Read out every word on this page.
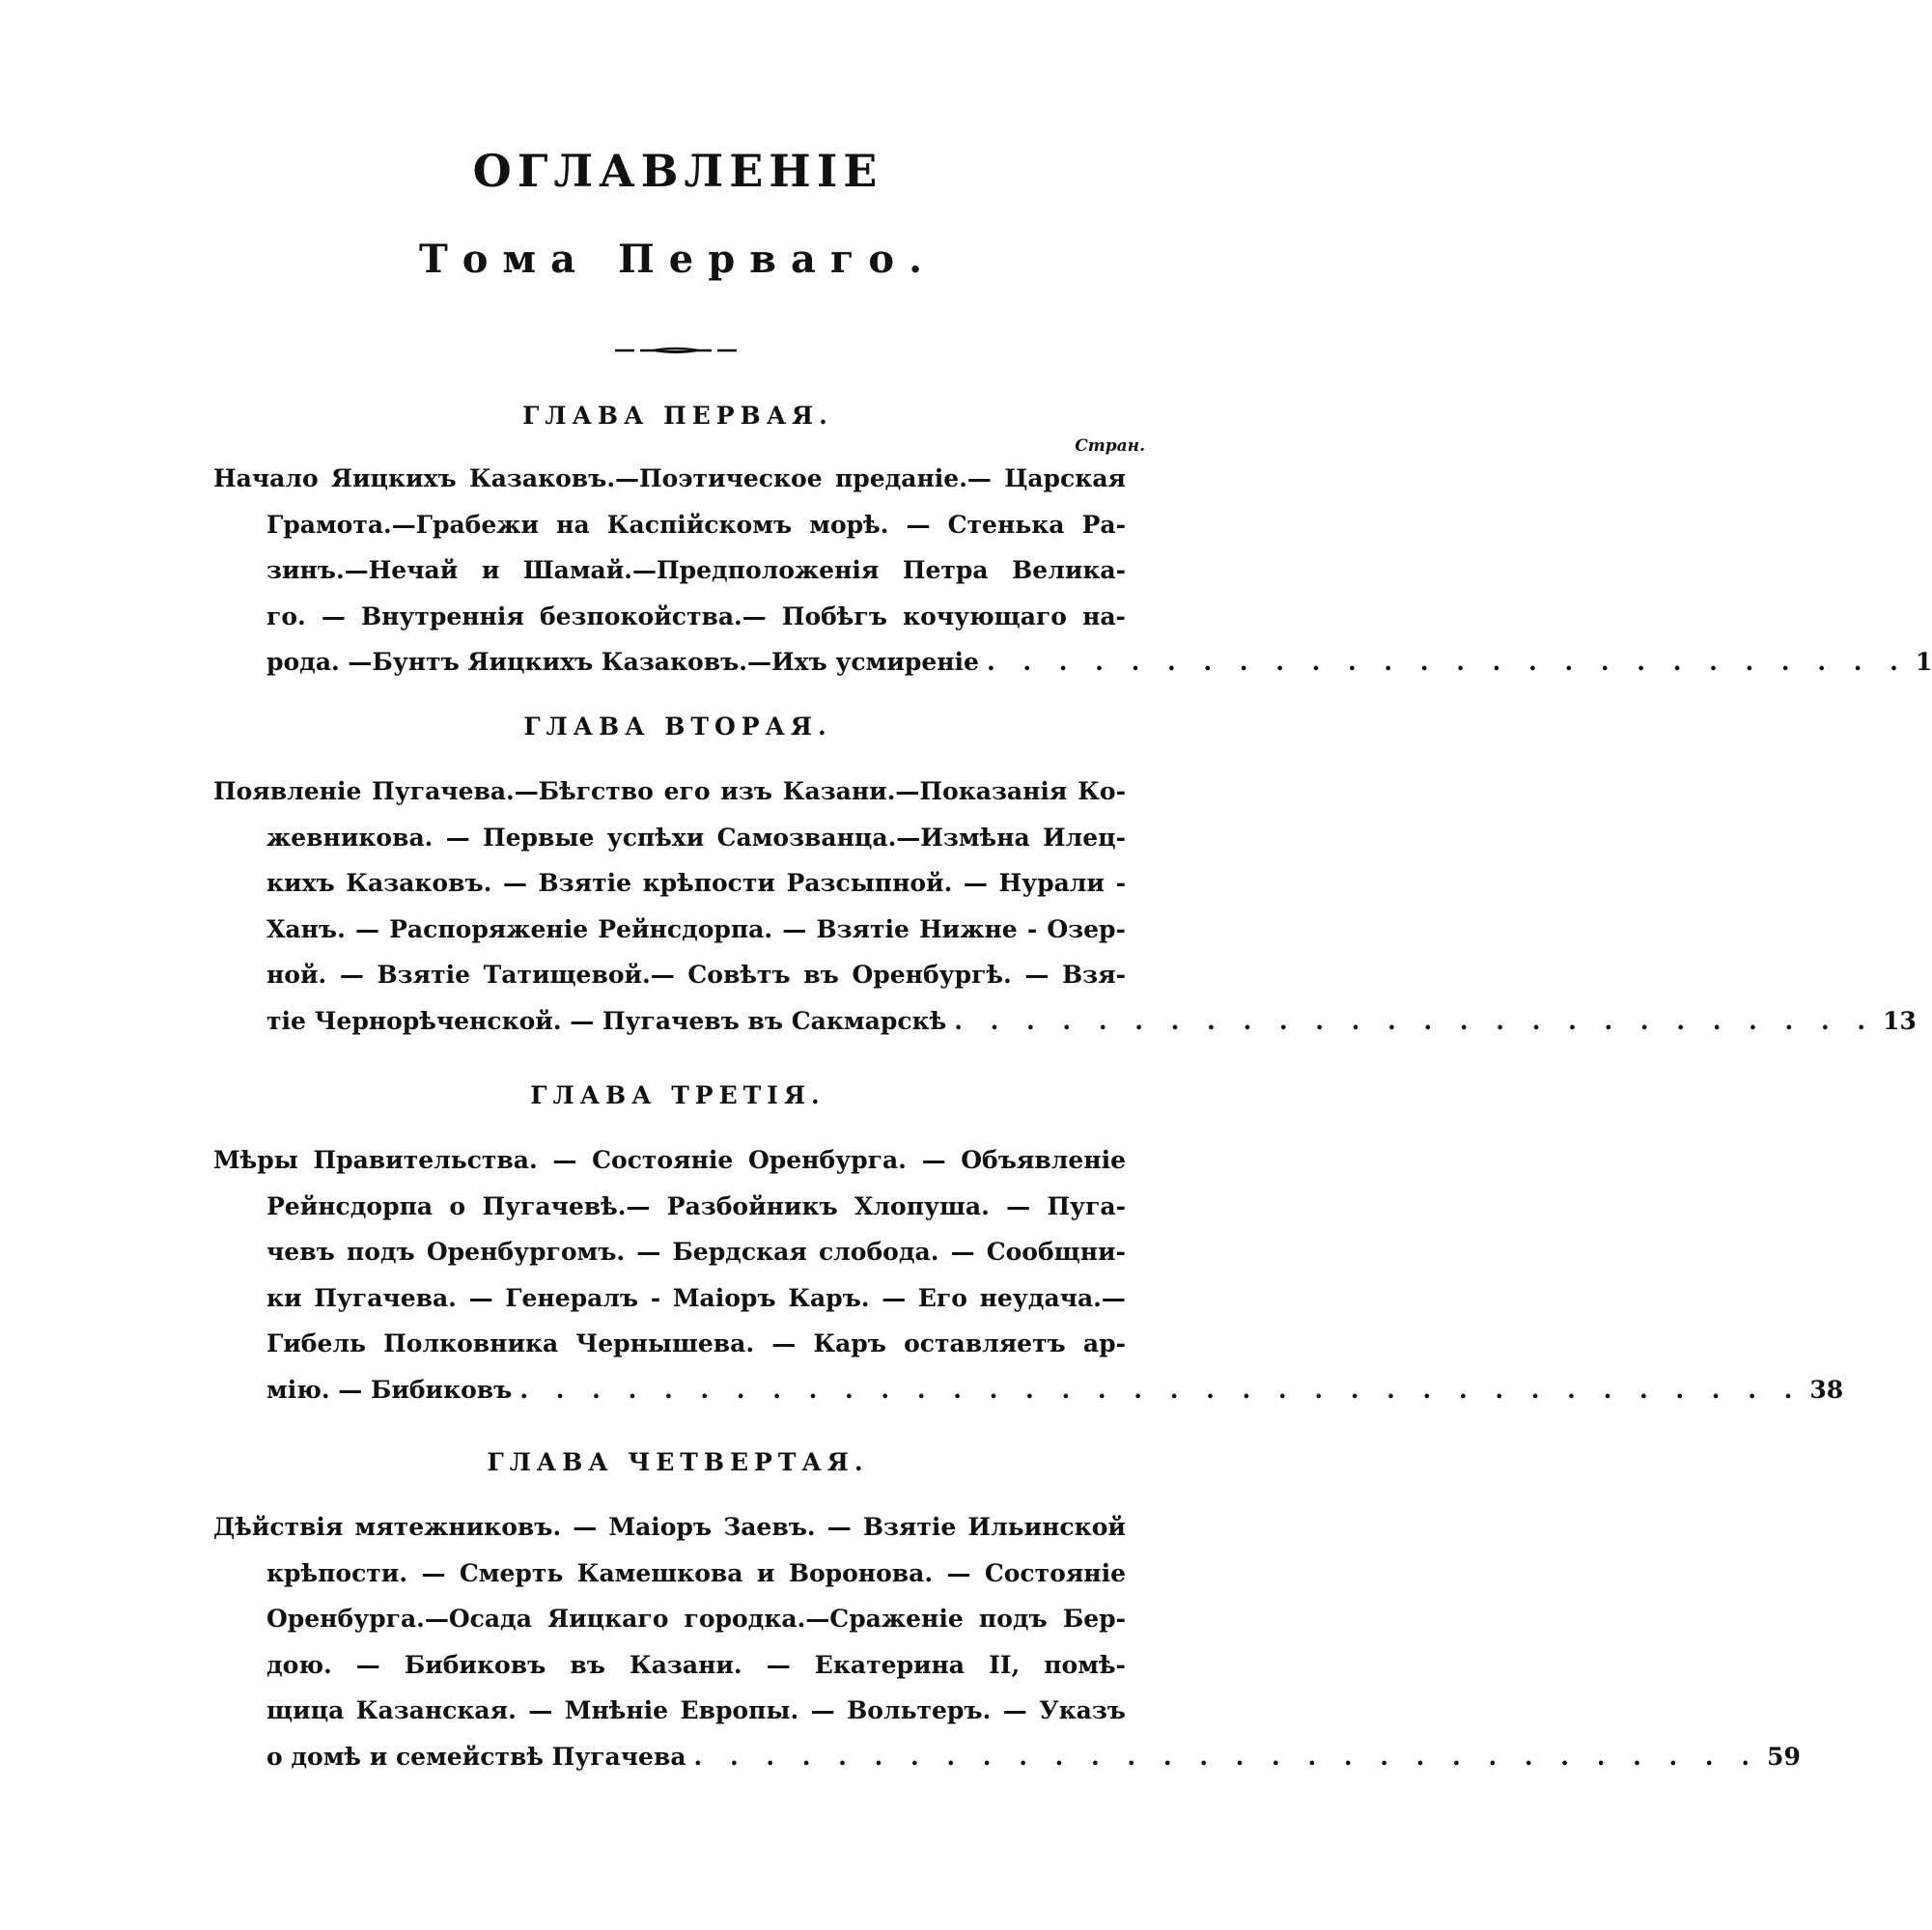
ОГЛАВЛЕНІЕ
Тома Перваго.
ГЛАВА ПЕРВАЯ.
Стран.
Начало Яицкихъ Казаковъ.—Поэтическое преданіе.— Царская
Грамота.—Грабежи на Каспійскомъ морѣ. — Стенька Ра-
зинъ.—Нечай и Шамай.—Предположенія Петра Велика-
го. — Внутреннія безпокойства.— Побѣгъ кочующаго на-
рода. —Бунтъ Яицкихъ Казаковъ.—Ихъ усмиреніе . . . . . . . . . . . . . . . . . . . . . . . . . . 1
ГЛАВА ВТОРАЯ.
Появленіе Пугачева.—Бѣгство его изъ Казани.—Показанія Ко-
жевникова. — Первые успѣхи Самозванца.—Измѣна Илец-
кихъ Казаковъ. — Взятіе крѣпости Разсыпной. — Нурали -
Ханъ. — Распоряженіе Рейнсдорпа. — Взятіе Нижне - Озер-
ной. — Взятіе Татищевой.— Совѣтъ въ Оренбургѣ. — Взя-
тіе Чернорѣченской. — Пугачевъ въ Сакмарскѣ . . . . . . . . . . . . . . . . . . . . . . . . . . 13
ГЛАВА ТРЕТІЯ.
Мѣры Правительства. — Состояніе Оренбурга. — Объявленіе
Рейнсдорпа о Пугачевѣ.— Разбойникъ Хлопуша. — Пуга-
чевъ подъ Оренбургомъ. — Бердская слобода. — Сообщни-
ки Пугачева. — Генералъ - Маіоръ Каръ. — Его неудача.—
Гибель Полковника Чернышева. — Каръ оставляетъ ар-
мію. — Бибиковъ . . . . . . . . . . . . . . . . . . . . . . . . . . . . . . . . . . . . 38
ГЛАВА ЧЕТВЕРТАЯ.
Дѣйствія мятежниковъ. — Маіоръ Заевъ. — Взятіе Ильинской
крѣпости. — Смерть Камешкова и Воронова. — Состояніе
Оренбурга.—Осада Яицкаго городка.—Сраженіе подъ Бер-
дою. — Бибиковъ въ Казани. — Екатерина II, помѣ-
щица Казанская. — Мнѣніе Европы. — Вольтеръ. — Указъ
о домѣ и семействѣ Пугачева . . . . . . . . . . . . . . . . . . . . . . . . . . . . . . 59
